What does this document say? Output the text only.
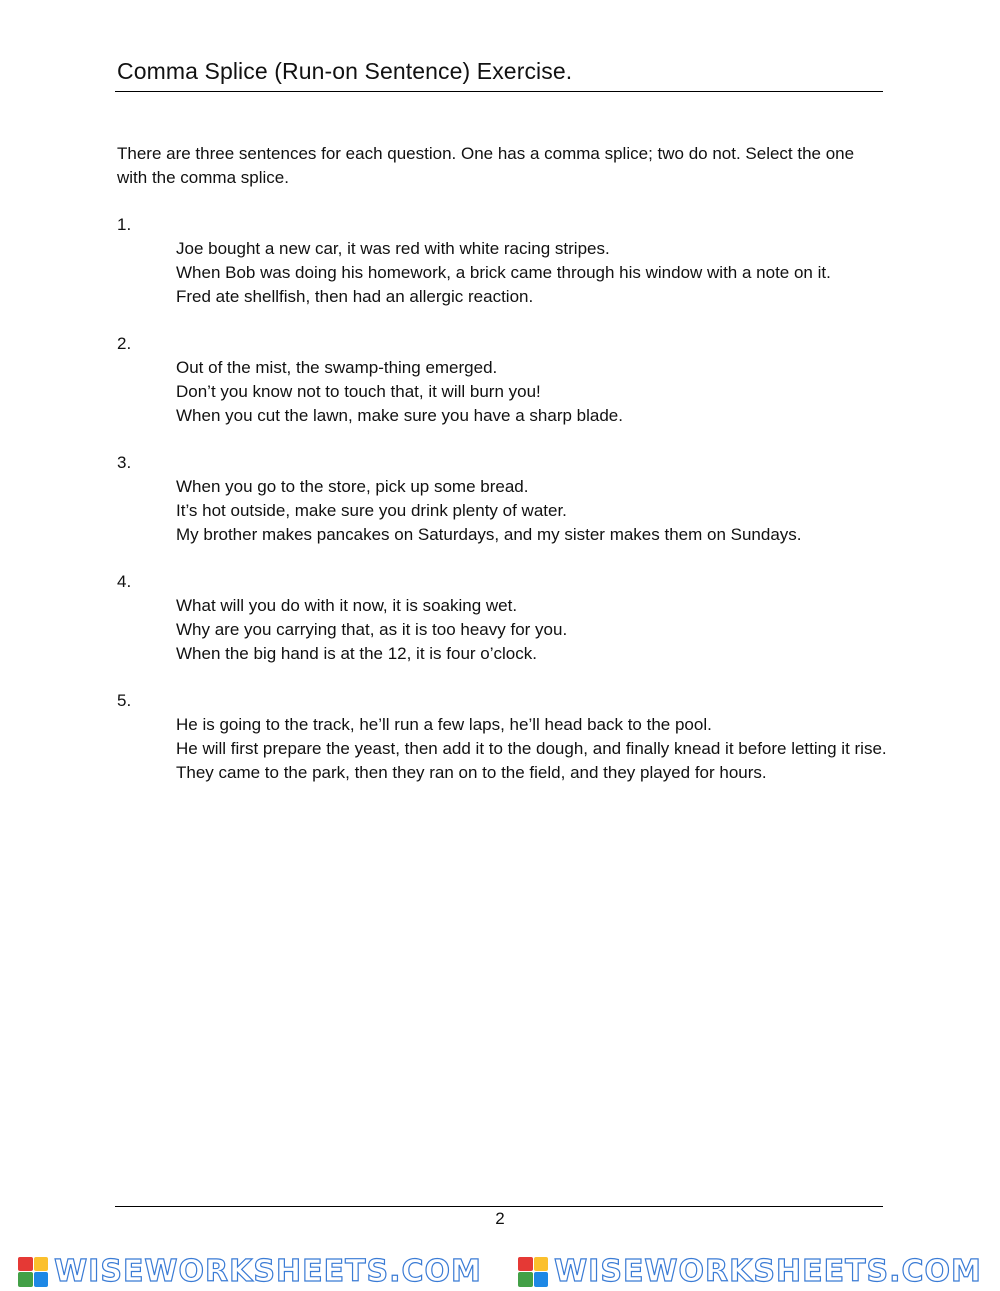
Comma Splice (Run-on Sentence) Exercise.
There are three sentences for each question. One has a comma splice; two do not. Select the one with the comma splice.
1.
Joe bought a new car, it was red with white racing stripes.
When Bob was doing his homework, a brick came through his window with a note on it.
Fred ate shellfish, then had an allergic reaction.
2.
Out of the mist, the swamp-thing emerged.
Don’t you know not to touch that, it will burn you!
When you cut the lawn, make sure you have a sharp blade.
3.
When you go to the store, pick up some bread.
It’s hot outside, make sure you drink plenty of water.
My brother makes pancakes on Saturdays, and my sister makes them on Sundays.
4.
What will you do with it now, it is soaking wet.
Why are you carrying that, as it is too heavy for you.
When the big hand is at the 12, it is four o’clock.
5.
He is going to the track, he’ll run a few laps, he’ll head back to the pool.
He will first prepare the yeast, then add it to the dough, and finally knead it before letting it rise.
They came to the park, then they ran on to the field, and they played for hours.
2
WISEWORKSHEETS.COM WISEWORKSHEETS.COM
